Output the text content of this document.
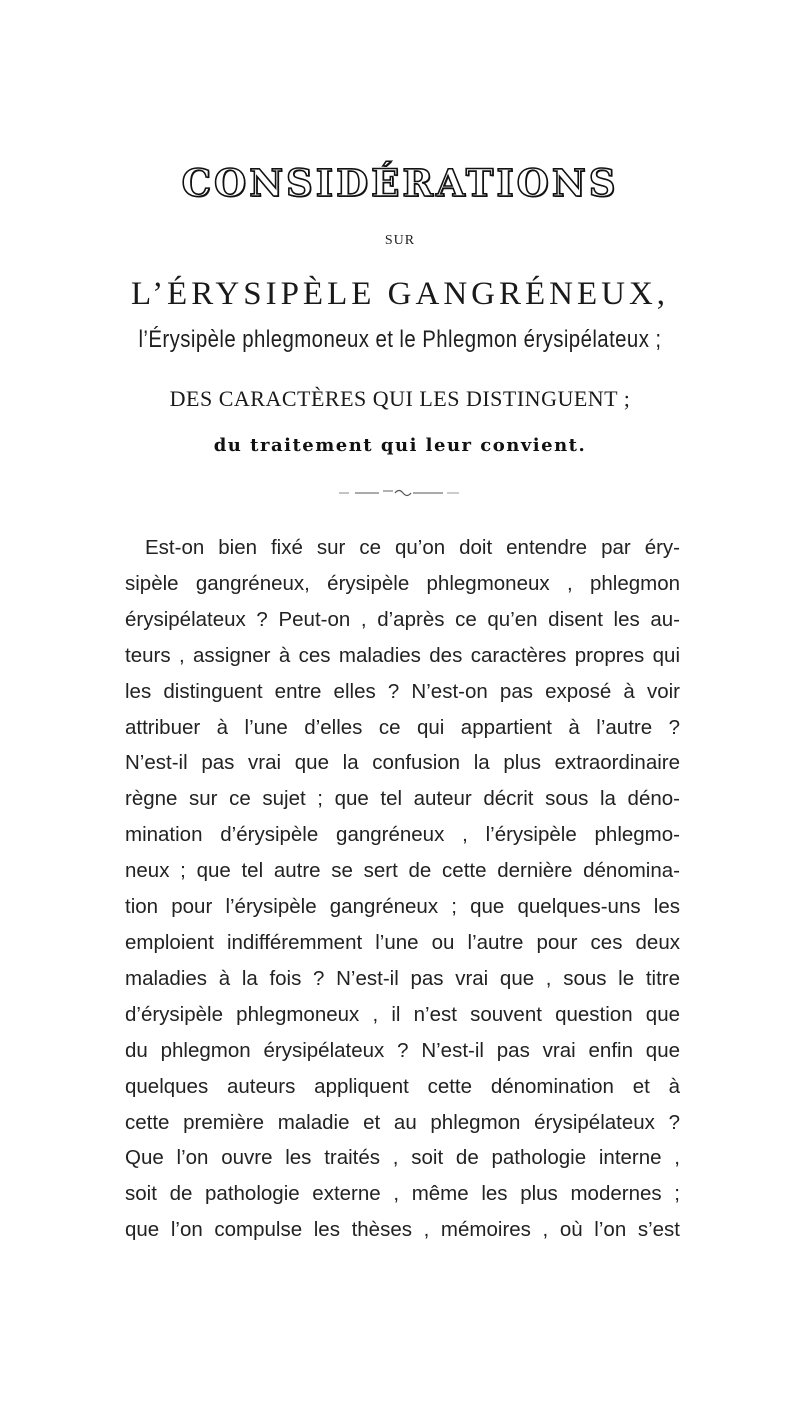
CONSIDÉRATIONS
SUR
L’ÉRYSIPÈLE GANGRÉNEUX,
l’Érysipèle phlegmoneux et le Phlegmon érysipélateux ;
DES CARACTÈRES QUI LES DISTINGUENT ;
du traitement qui leur convient.
Est-on bien fixé sur ce qu’on doit entendre par éry-
sipèle gangréneux, érysipèle phlegmoneux , phlegmon
érysipélateux ? Peut-on , d’après ce qu’en disent les au-
teurs , assigner à ces maladies des caractères propres qui
les distinguent entre elles ? N’est-on pas exposé à voir
attribuer à l’une d’elles ce qui appartient à l’autre ?
N’est-il pas vrai que la confusion la plus extraordinaire
règne sur ce sujet ; que tel auteur décrit sous la déno-
mination d’érysipèle gangréneux , l’érysipèle phlegmo-
neux ; que tel autre se sert de cette dernière dénomina-
tion pour l’érysipèle gangréneux ; que quelques-uns les
emploient indifféremment l’une ou l’autre pour ces deux
maladies à la fois ? N’est-il pas vrai que , sous le titre
d’érysipèle phlegmoneux , il n’est souvent question que
du phlegmon érysipélateux ? N’est-il pas vrai enfin que
quelques auteurs appliquent cette dénomination et à
cette première maladie et au phlegmon érysipélateux ?
Que l’on ouvre les traités , soit de pathologie interne ,
soit de pathologie externe , même les plus modernes ;
que l’on compulse les thèses , mémoires , où l’on s’est
